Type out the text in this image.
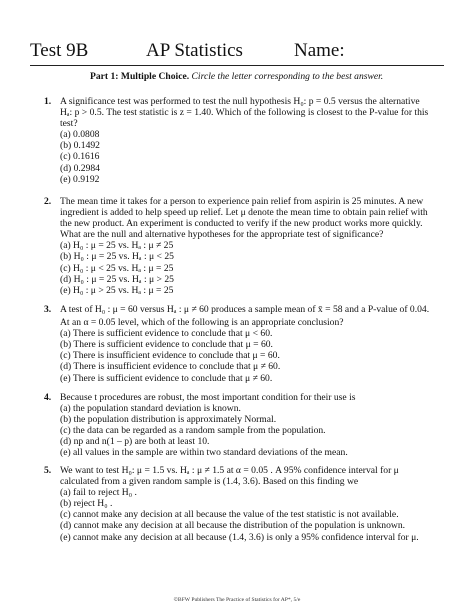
Test 9B	AP Statistics	Name:
Part 1: Multiple Choice. Circle the letter corresponding to the best answer.
1. A significance test was performed to test the null hypothesis H₀: p = 0.5 versus the alternative

Hₐ: p > 0.5. The test statistic is z = 1.40. Which of the following is closest to the P-value for this

test?

(a) 0.0808

(b) 0.1492

(c) 0.1616

(d) 0.2984

(e) 0.9192

2. The mean time it takes for a person to experience pain relief from aspirin is 25 minutes. A new

ingredient is added to help speed up relief. Let μ denote the mean time to obtain pain relief with

the new product. An experiment is conducted to verify if the new product works more quickly.

What are the null and alternative hypotheses for the appropriate test of significance?

(a) H₀ : μ = 25 vs. Hₐ : μ ≠ 25

(b) H₀ : μ = 25 vs. Hₐ : μ < 25

(c) H₀ : μ < 25 vs. Hₐ : μ = 25

(d) H₀ : μ = 25 vs. Hₐ : μ > 25

(e) H₀ : μ > 25 vs. Hₐ : μ = 25

3. A test of H₀ : μ = 60 versus Hₐ : μ ≠ 60 produces a sample mean of x̄ = 58 and a P-value of 0.04.

At an α = 0.05 level, which of the following is an appropriate conclusion?

(a) There is sufficient evidence to conclude that μ < 60.

(b) There is sufficient evidence to conclude that μ = 60.

(c) There is insufficient evidence to conclude that μ = 60.

(d) There is insufficient evidence to conclude that μ ≠ 60.

(e) There is sufficient evidence to conclude that μ ≠ 60.

4. Because t procedures are robust, the most important condition for their use is

(a) the population standard deviation is known.

(b) the population distribution is approximately Normal.

(c) the data can be regarded as a random sample from the population.

(d) np and n(1 – p) are both at least 10.

(e) all values in the sample are within two standard deviations of the mean.

5. We want to test H₀: μ = 1.5 vs. Hₐ : μ ≠ 1.5 at α = 0.05 . A 95% confidence interval for μ

calculated from a given random sample is (1.4, 3.6). Based on this finding we

(a) fail to reject H₀ .

(b) reject H₀ .

(c) cannot make any decision at all because the value of the test statistic is not available.

(d) cannot make any decision at all because the distribution of the population is unknown.

(e) cannot make any decision at all because (1.4, 3.6) is only a 95% confidence interval for μ.

©BFW Publishers The Practice of Statistics for AP*, 5/e
